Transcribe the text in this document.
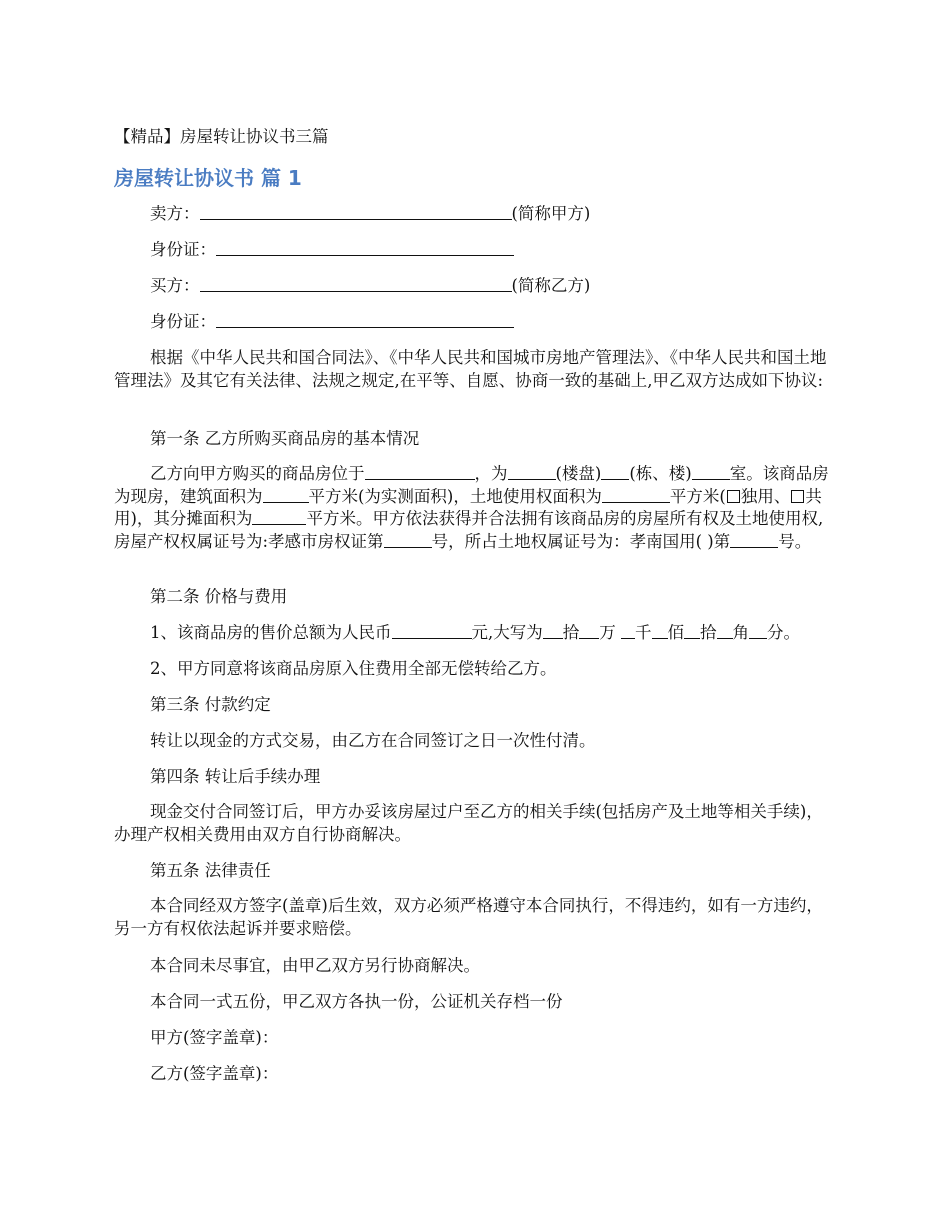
【精品】房屋转让协议书三篇
房屋转让协议书 篇 1
卖方：	(简称甲方)
身份证：
买方：	(简称乙方)
身份证：
根据《中华人民共和国合同法》、《中华人民共和国城市房地产管理法》、《中华人民共和国土地管理法》及其它有关法律、法规之规定,在平等、自愿、协商一致的基础上,甲乙双方达成如下协议:
第一条 乙方所购买商品房的基本情况
乙方向甲方购买的商品房位于	，为	(楼盘) (栋、楼) 室。该商品房为现房，建筑面积为	平方米(为实测面积)，土地使用权面积为	平方米( 独用、 共用)，其分摊面积为	平方米。甲方依法获得并合法拥有该商品房的房屋所有权及土地使用权,房屋产权权属证号为:孝感市房权证第	号，所占土地权属证号为：孝南国用( )第	号。
第二条 价格与费用
1、该商品房的售价总额为人民币	元,大写为 拾 万 千 佰 拾 角 分。
2、甲方同意将该商品房原入住费用全部无偿转给乙方。
第三条 付款约定
转让以现金的方式交易，由乙方在合同签订之日一次性付清。
第四条 转让后手续办理
现金交付合同签订后，甲方办妥该房屋过户至乙方的相关手续(包括房产及土地等相关手续)，办理产权相关费用由双方自行协商解决。
第五条 法律责任
本合同经双方签字(盖章)后生效，双方必须严格遵守本合同执行，不得违约，如有一方违约，另一方有权依法起诉并要求赔偿。
本合同未尽事宜，由甲乙双方另行协商解决。
本合同一式五份，甲乙双方各执一份，公证机关存档一份
甲方(签字盖章)：
乙方(签字盖章)：
